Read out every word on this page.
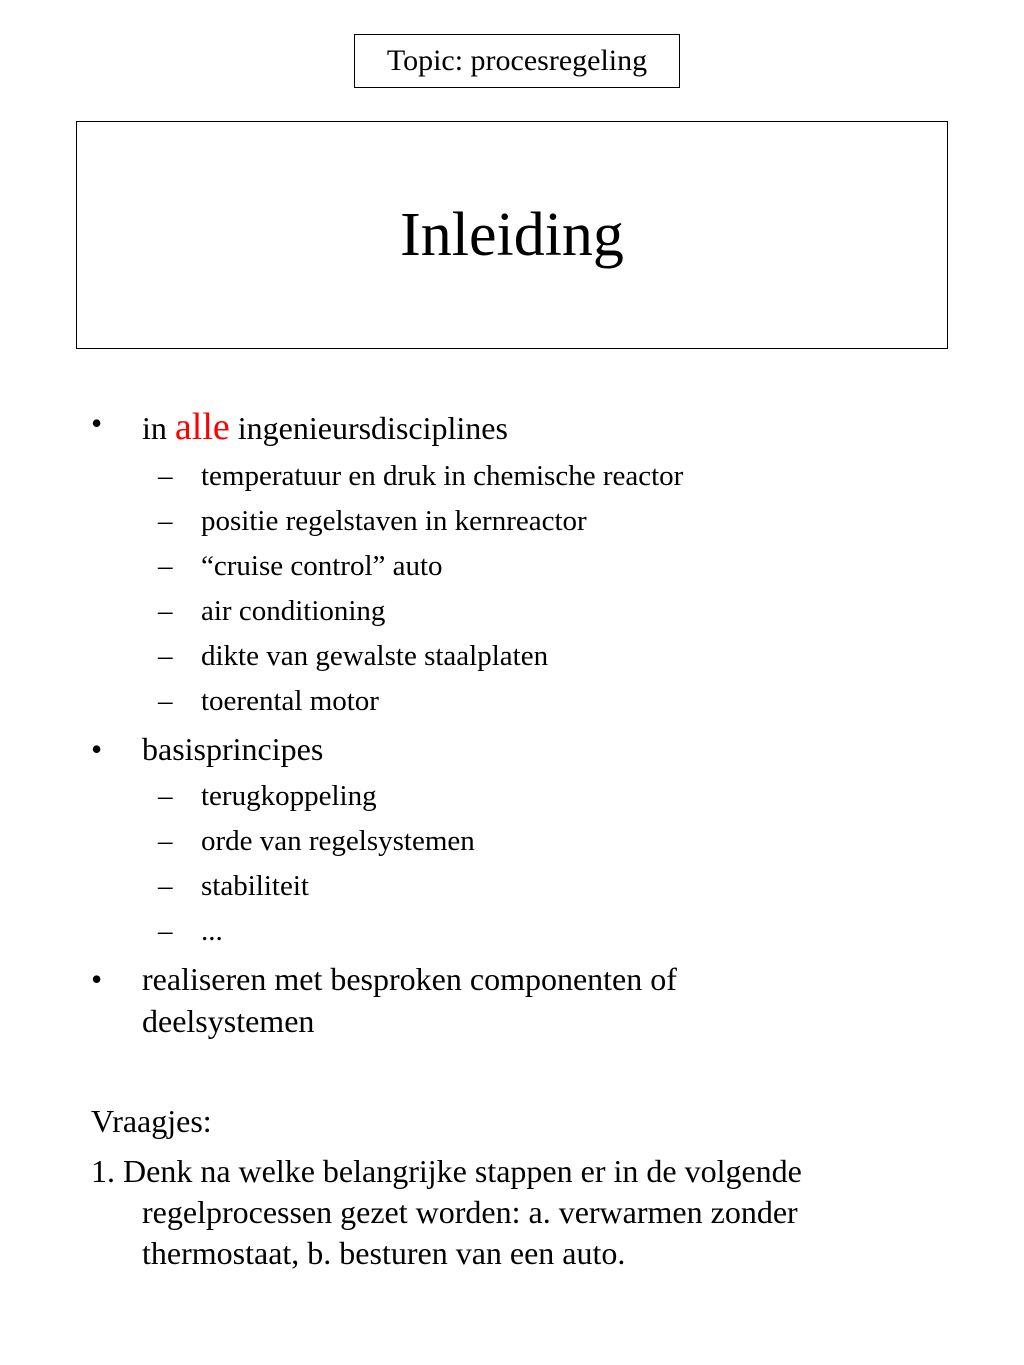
Topic: procesregeling
Inleiding
• in alle ingenieursdisciplines
– temperatuur en druk in chemische reactor
– positie regelstaven in kernreactor
– “cruise control” auto
– air conditioning
– dikte van gewalste staalplaten
– toerental motor
• basisprincipes
– terugkoppeling
– orde van regelsystemen
– stabiliteit
– ...
• realiseren met besproken componenten of
deelsystemen
Vraagjes:
1. Denk na welke belangrijke stappen er in de volgende
regelprocessen gezet worden: a. verwarmen zonder
thermostaat, b. besturen van een auto.
